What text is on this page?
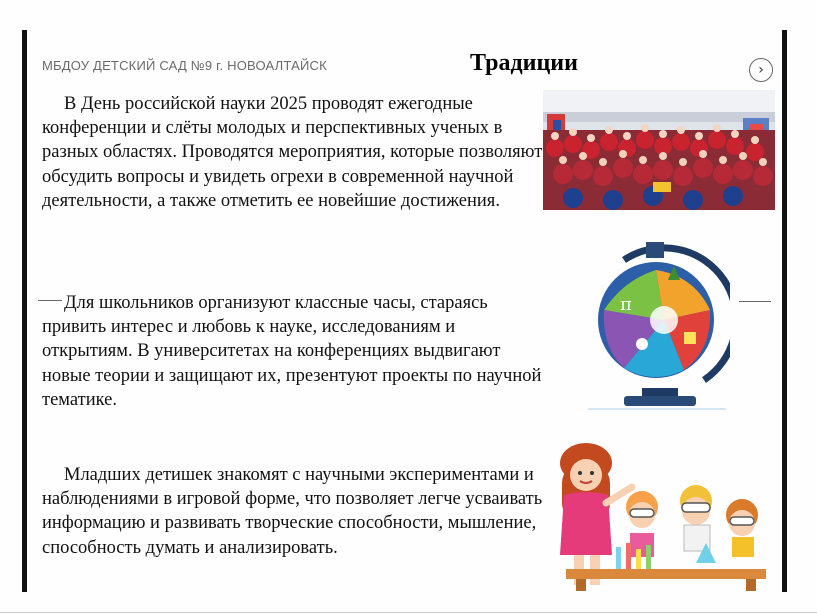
МБДОУ ДЕТСКИЙ САД №9 г. НОВОАЛТАЙСК	Традиции	›

В День российской науки 2025 проводят ежегодные конференции и слёты молодых и перспективных ученых в разных областях. Проводятся мероприятия, которые позволяют обсудить вопросы и увидеть огрехи в современной научной деятельности, а также отметить ее новейшие достижения.

Для школьников организуют классные часы, стараясь привить интерес и любовь к науке, исследованиям и открытиям. В университетах на конференциях выдвигают новые теории и защищают их, презентуют проекты по научной тематике.

Младших детишек знакомят с научными экспериментами и наблюдениями в игровой форме, что позволяет легче усваивать информацию и развивать творческие способности, мышление, способность думать и анализировать.

π
